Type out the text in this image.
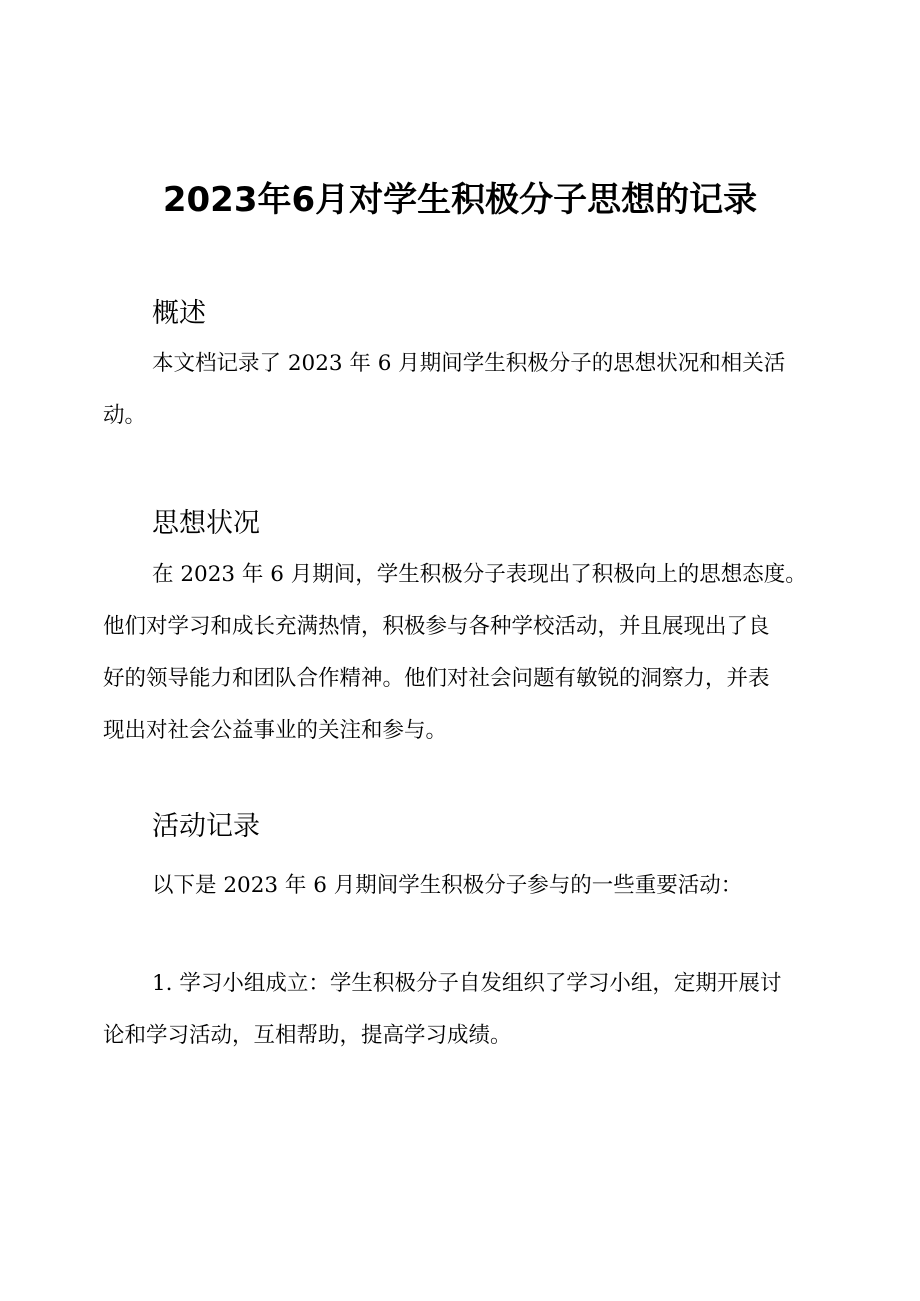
2023年6月对学生积极分子思想的记录
概述
本文档记录了 2023 年 6 月期间学生积极分子的思想状况和相关活
动。
思想状况
在 2023 年 6 月期间，学生积极分子表现出了积极向上的思想态度。
他们对学习和成长充满热情，积极参与各种学校活动，并且展现出了良
好的领导能力和团队合作精神。他们对社会问题有敏锐的洞察力，并表
现出对社会公益事业的关注和参与。
活动记录
以下是 2023 年 6 月期间学生积极分子参与的一些重要活动：
1. 学习小组成立：学生积极分子自发组织了学习小组，定期开展讨
论和学习活动，互相帮助，提高学习成绩。
